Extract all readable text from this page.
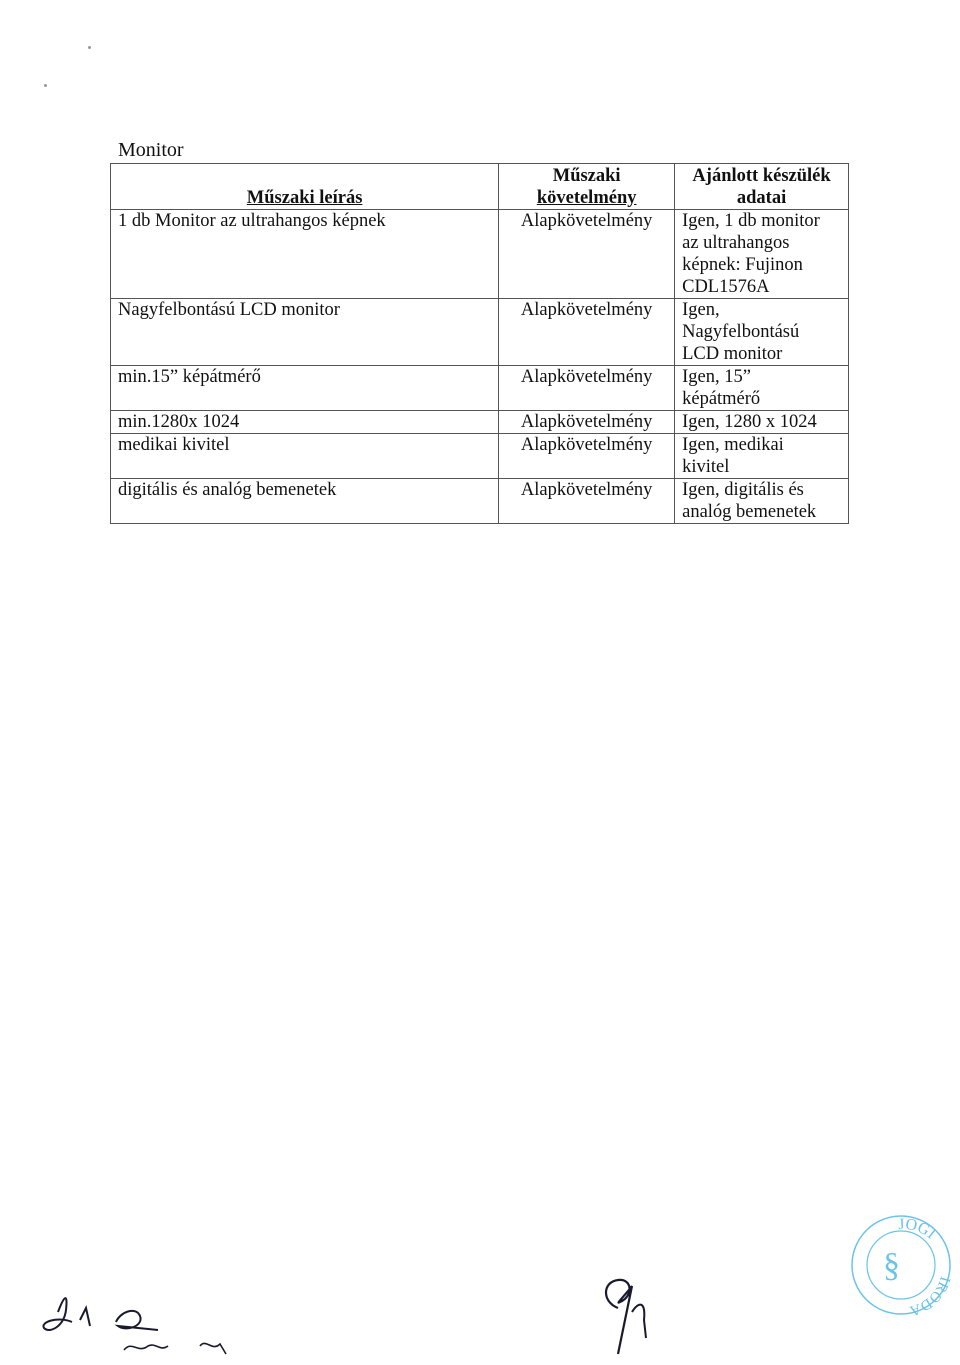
Monitor
Műszaki leírás	Műszaki
követelmény	Ajánlott készülék
adatai

1 db Monitor az ultrahangos képnek	Alapkövetelmény	Igen, 1 db monitor
az ultrahangos
képnek: Fujinon
CDL1576A

Nagyfelbontású LCD monitor	Alapkövetelmény	Igen,
Nagyfelbontású
LCD monitor

min.15” képátmérő	Alapkövetelmény	Igen, 15”
képátmérő

min.1280x 1024	Alapkövetelmény	Igen, 1280 x 1024

medikai kivitel	Alapkövetelmény	Igen, medikai
kivitel

digitális és analóg bemenetek	Alapkövetelmény	Igen, digitális és
analóg bemenetek
JOGI
IRODA
§
